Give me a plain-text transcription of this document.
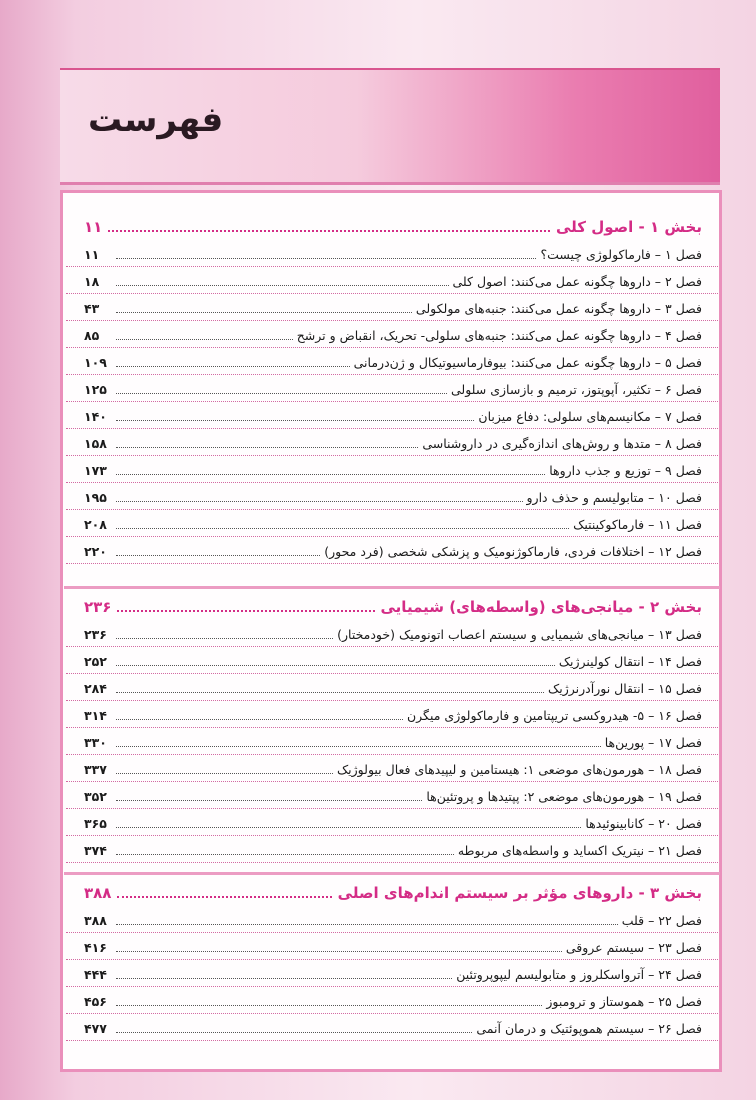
فهرست
بخش ۱ - اصول کلی
۱۱
فصل ۱ – فارماکولوژی چیست؟
۱۱
فصل ۲ – داروها چگونه عمل می‌کنند: اصول کلی
۱۸
فصل ۳ – داروها چگونه عمل می‌کنند: جنبه‌های مولکولی
۴۳
فصل ۴ – داروها چگونه عمل می‌کنند: جنبه‌های سلولی- تحریک، انقباض و ترشح
۸۵
فصل ۵ – داروها چگونه عمل می‌کنند: بیوفارماسیوتیکال و ژن‌درمانی
۱۰۹
فصل ۶ – تکثیر، آپوپتوز، ترمیم و بازسازی سلولی
۱۲۵
فصل ۷ – مکانیسم‌های سلولی: دفاع میزبان
۱۴۰
فصل ۸ – متدها و روش‌های اندازه‌گیری در داروشناسی
۱۵۸
فصل ۹ – توزیع و جذب داروها
۱۷۳
فصل ۱۰ – متابولیسم و حذف دارو
۱۹۵
فصل ۱۱ – فارماکوکینتیک
۲۰۸
فصل ۱۲ – اختلافات فردی، فارماکوژنومیک و پزشکی شخصی (فرد محور)
۲۲۰
بخش ۲ - میانجی‌های (واسطه‌های) شیمیایی
۲۳۶
فصل ۱۳ – میانجی‌های شیمیایی و سیستم اعصاب اتونومیک (خودمختار)
۲۳۶
فصل ۱۴ – انتقال کولینرژیک
۲۵۲
فصل ۱۵ – انتقال نورآدرنرژیک
۲۸۴
فصل ۱۶ – ۵- هیدروکسی تریپتامین و فارماکولوژی میگرن
۳۱۴
فصل ۱۷ – پورین‌ها
۳۳۰
فصل ۱۸ – هورمون‌های موضعی ۱: هیستامین و لیپیدهای فعال بیولوژیک
۳۳۷
فصل ۱۹ – هورمون‌های موضعی ۲: پپتیدها و پروتئین‌ها
۳۵۲
فصل ۲۰ – کانابینوئیدها
۳۶۵
فصل ۲۱ – نیتریک اکساید و واسطه‌های مربوطه
۳۷۴
بخش ۳ - داروهای مؤثر بر سیستم اندام‌های اصلی
۳۸۸
فصل ۲۲ – قلب
۳۸۸
فصل ۲۳ – سیستم عروقی
۴۱۶
فصل ۲۴ – آترواسکلروز و متابولیسم لیپوپروتئین
۴۴۴
فصل ۲۵ – هموستاز و ترومبوز
۴۵۶
فصل ۲۶ – سیستم همو‌پوئتیک و درمان آنمی
۴۷۷
